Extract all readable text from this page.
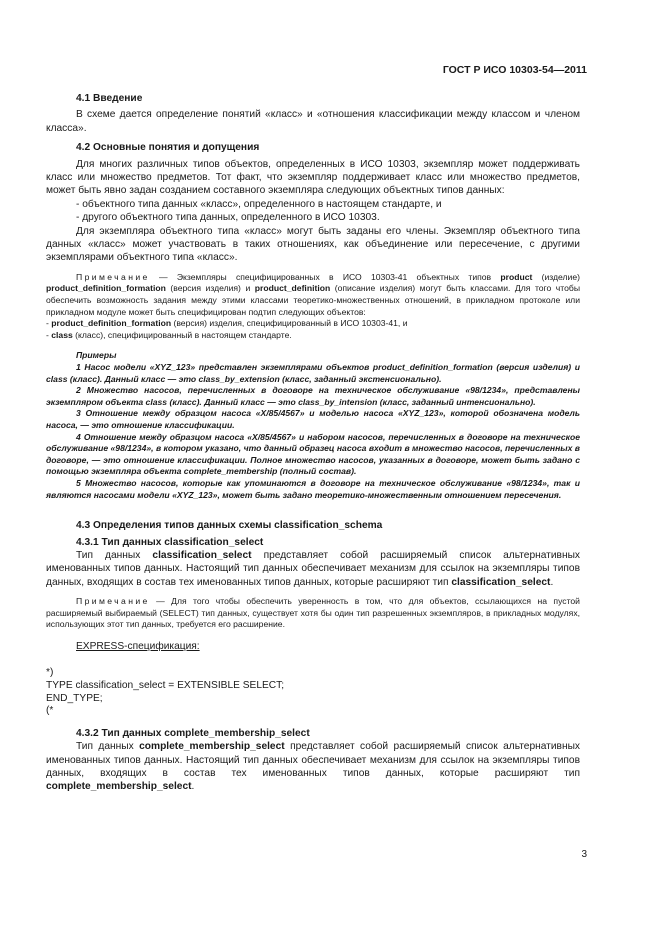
ГОСТ Р ИСО 10303-54—2011

4.1 Введение

В схеме дается определение понятий «класс» и «отношения классификации между классом и членом класса».

4.2 Основные понятия и допущения

Для многих различных типов объектов, определенных в ИСО 10303, экземпляр может поддерживать класс или множество предметов. Тот факт, что экземпляр поддерживает класс или множество предметов, может быть явно задан созданием составного экземпляра следующих объектных типов данных:

- объектного типа данных «класс», определенного в настоящем стандарте, и

- другого объектного типа данных, определенного в ИСО 10303.

Для экземпляра объектного типа «класс» могут быть заданы его члены. Экземпляр объектного типа данных «класс» может участвовать в таких отношениях, как объединение или пересечение, с другими экземплярами объектного типа «класс».

Примечание — Экземпляры специфицированных в ИСО 10303-41 объектных типов product (изделие) product_definition_formation (версия изделия) и product_definition (описание изделия) могут быть классами. Для того чтобы обеспечить возможность задания между этими классами теоретико-множественных отношений, в прикладном протоколе или прикладном модуле может быть специфицирован подтип следующих объектов:

- product_definition_formation (версия) изделия, специфицированный в ИСО 10303-41, и

- class (класс), специфицированный в настоящем стандарте.

Примеры

1 Насос модели «XYZ_123» представлен экземплярами объектов product_definition_formation (версия изделия) и class (класс). Данный класс — это class_by_extension (класс, заданный экстенсионально).

2 Множество насосов, перечисленных в договоре на техническое обслуживание «98/1234», представлены экземпляром объекта class (класс). Данный класс — это class_by_intension (класс, заданный интенсионально).

3 Отношение между образцом насоса «X/85/4567» и моделью насоса «XYZ_123», которой обозначена модель насоса, — это отношение классификации.

4 Отношение между образцом насоса «X/85/4567» и набором насосов, перечисленных в договоре на техническое обслуживание «98/1234», в котором указано, что данный образец насоса входит в множество насосов, перечисленных в договоре, — это отношение классификации. Полное множество насосов, указанных в договоре, может быть задано с помощью экземпляра объекта complete_membership (полный состав).

5 Множество насосов, которые как упоминаются в договоре на техническое обслуживание «98/1234», так и являются насосами модели «XYZ_123», может быть задано теоретико-множественным отношением пересечения.

4.3 Определения типов данных схемы classification_schema

4.3.1 Тип данных classification_select

Тип данных classification_select представляет собой расширяемый список альтернативных именованных типов данных. Настоящий тип данных обеспечивает механизм для ссылок на экземпляры типов данных, входящих в состав тех именованных типов данных, которые расширяют тип classification_select.

Примечание — Для того чтобы обеспечить уверенность в том, что для объектов, ссылающихся на пустой расширяемый выбираемый (SELECT) тип данных, существует хотя бы один тип разрешенных экземпляров, в прикладных модулях, использующих этот тип данных, требуется его расширение.

EXPRESS-спецификация:

*)
TYPE classification_select = EXTENSIBLE SELECT;
END_TYPE;
(*

4.3.2 Тип данных complete_membership_select

Тип данных complete_membership_select представляет собой расширяемый список альтернативных именованных типов данных. Настоящий тип данных обеспечивает механизм для ссылок на экземпляры типов данных, входящих в состав тех именованных типов данных, которые расширяют тип complete_membership_select.

3
